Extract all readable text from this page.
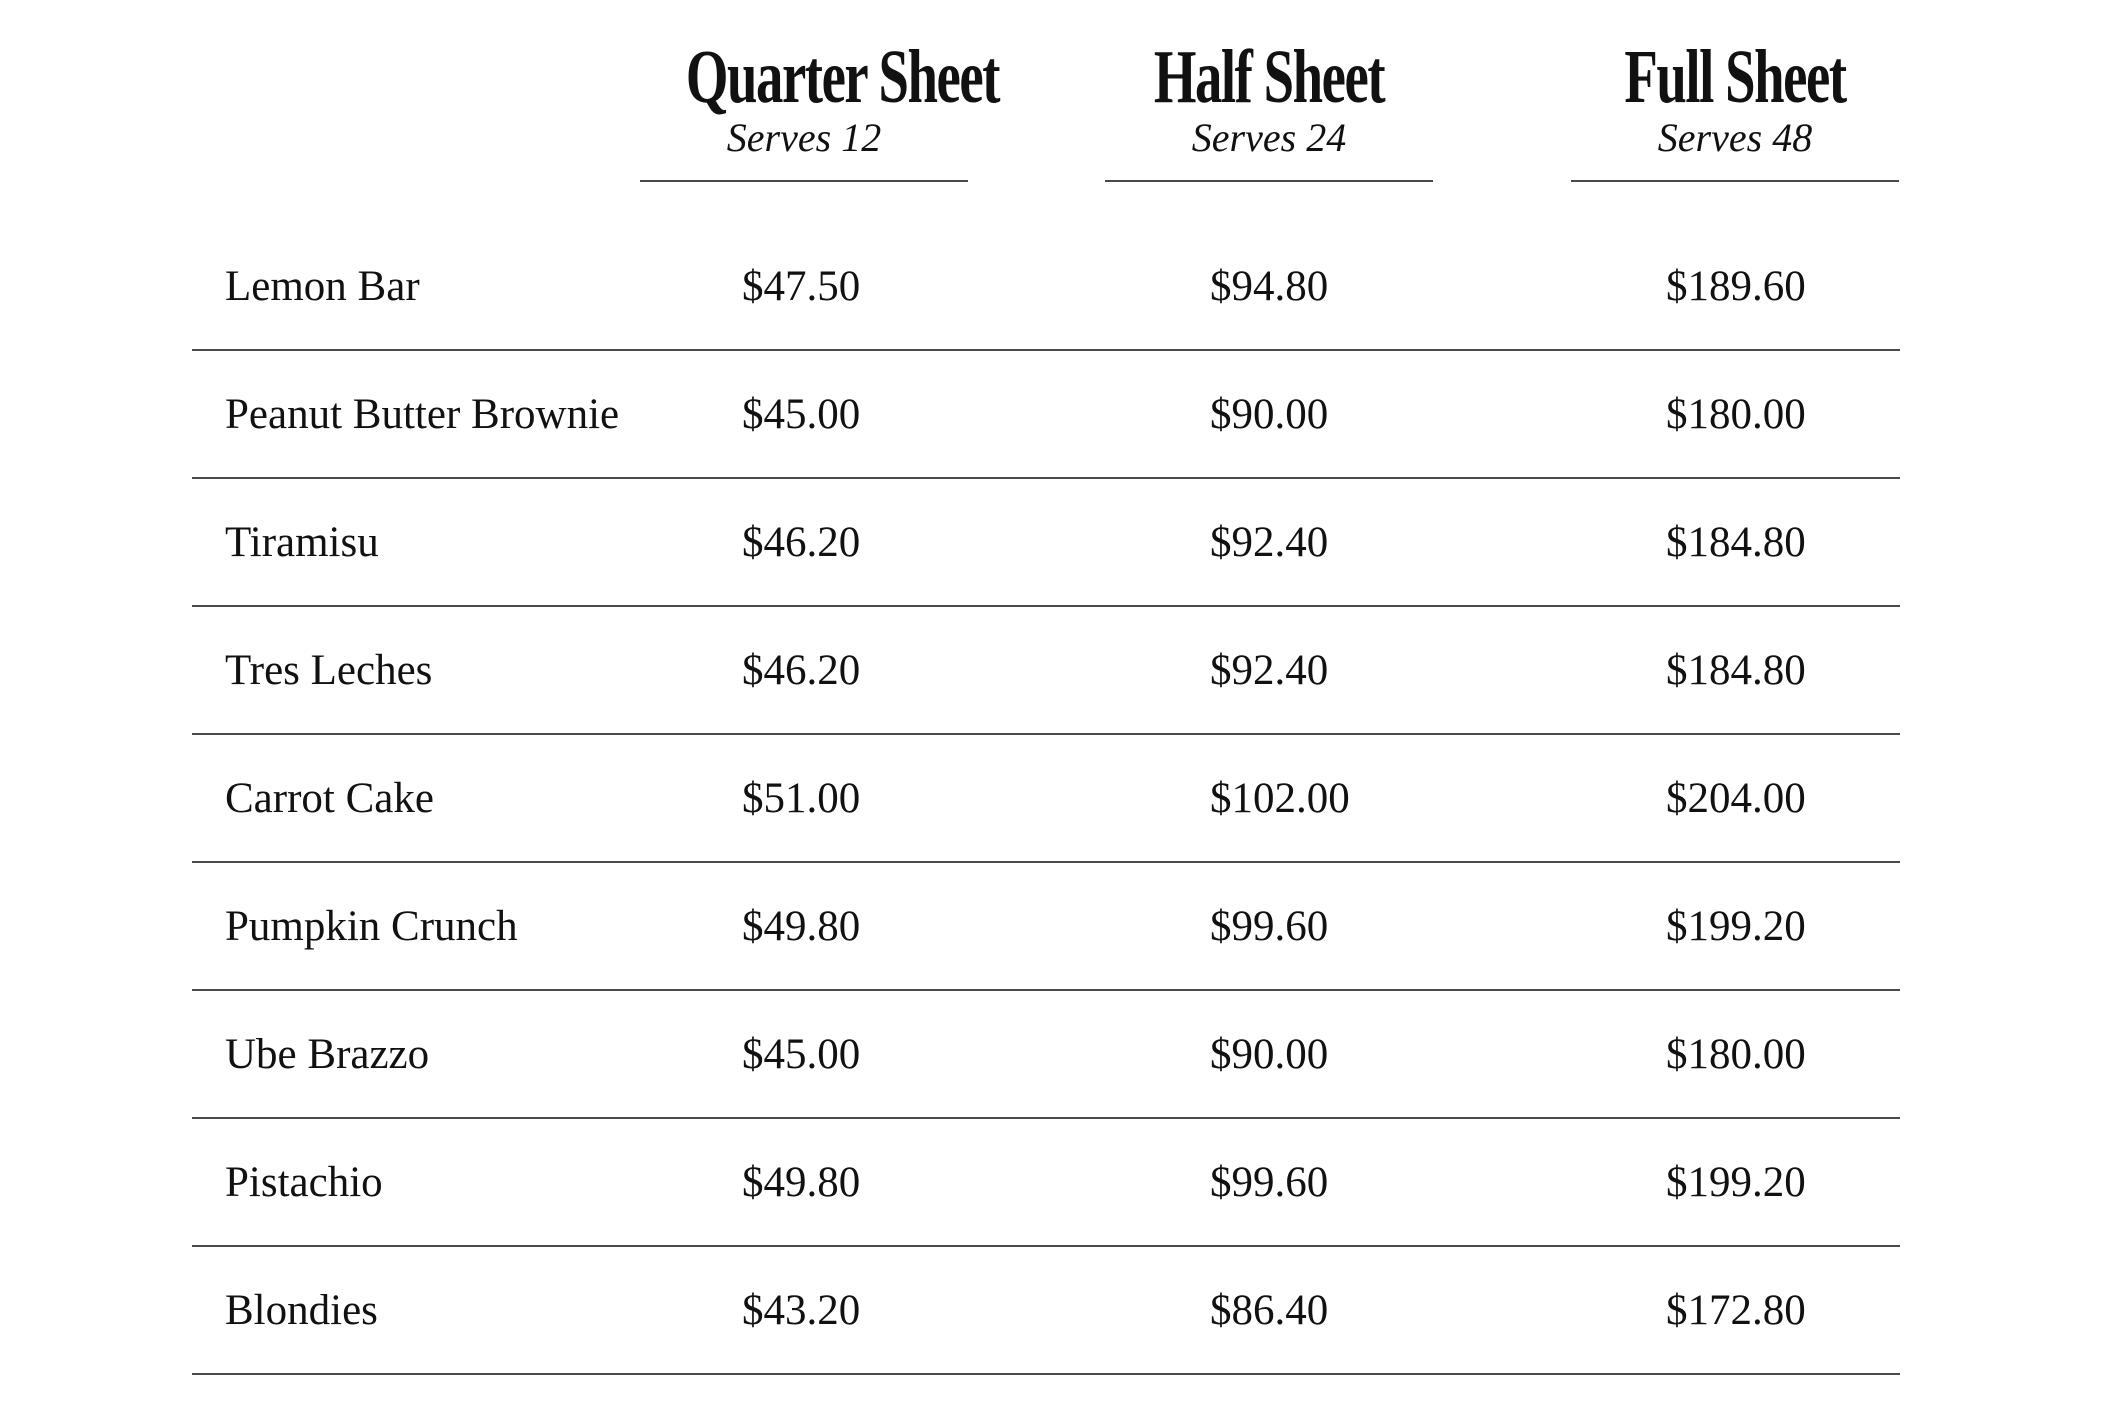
Quarter Sheet
Serves 12
Half Sheet
Serves 24
Full Sheet
Serves 48
Lemon Bar	$47.50	$94.80	$189.60
Peanut Butter Brownie	$45.00	$90.00	$180.00
Tiramisu	$46.20	$92.40	$184.80
Tres Leches	$46.20	$92.40	$184.80
Carrot Cake	$51.00	$102.00	$204.00
Pumpkin Crunch	$49.80	$99.60	$199.20
Ube Brazzo	$45.00	$90.00	$180.00
Pistachio	$49.80	$99.60	$199.20
Blondies	$43.20	$86.40	$172.80
